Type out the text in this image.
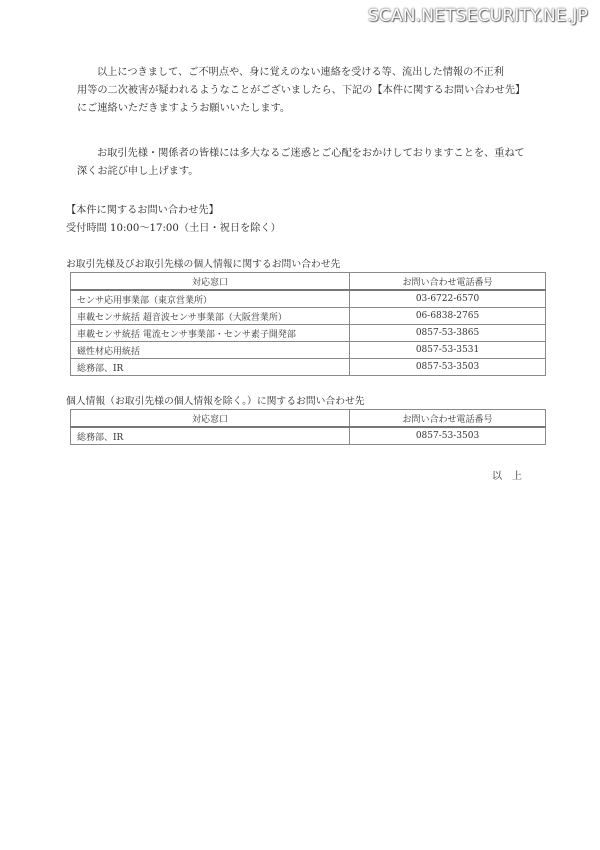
SCAN.NETSECURITY.NE.JP

以上につきまして、ご不明点や、身に覚えのない連絡を受ける等、流出した情報の不正利

用等の二次被害が疑われるようなことがございましたら、下記の【本件に関するお問い合わせ先】

にご連絡いただきますようお願いいたします。

お取引先様・関係者の皆様には多大なるご迷惑とご心配をおかけしておりますことを、重ねて

深くお詫び申し上げます。

【本件に関するお問い合わせ先】

受付時間 10:00～17:00（土日・祝日を除く）

お取引先様及びお取引先様の個人情報に関するお問い合わせ先
対応窓口	お問い合わせ電話番号
センサ応用事業部（東京営業所）	03-6722-6570
車載センサ統括 超音波センサ事業部（大阪営業所）	06-6838-2765
車載センサ統括 電流センサ事業部・センサ素子開発部	0857-53-3865
磁性材応用統括	0857-53-3531
総務部、IR	0857-53-3503
個人情報（お取引先様の個人情報を除く。）に関するお問い合わせ先
対応窓口	お問い合わせ電話番号
総務部、IR	0857-53-3503
以上
